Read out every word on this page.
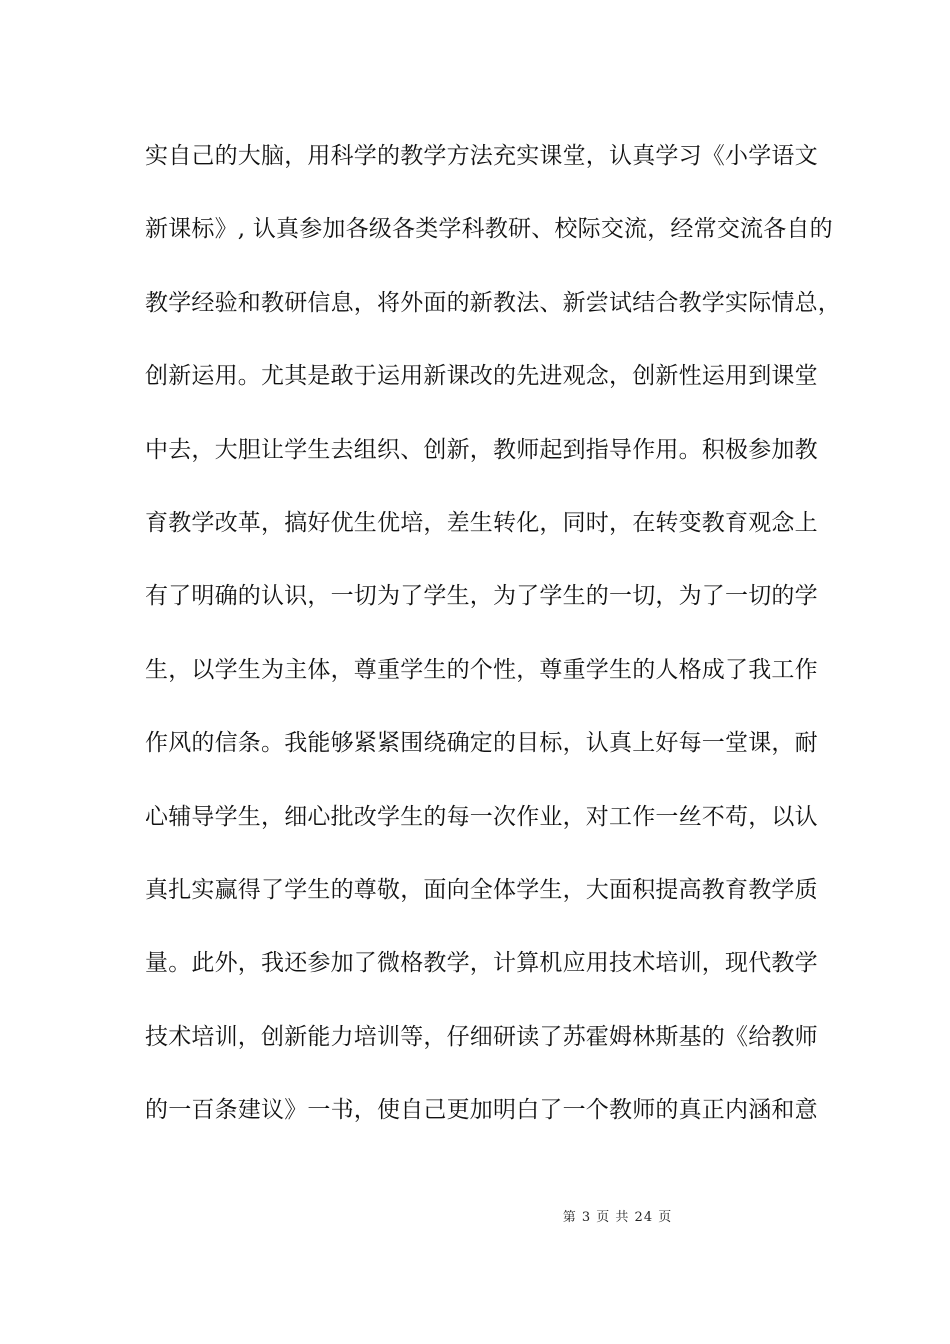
实自己的大脑，用科学的教学方法充实课堂，认真学习《小学语文
新课标》, 认真参加各级各类学科教研、校际交流，经常交流各自的
教学经验和教研信息，将外面的新教法、新尝试结合教学实际情总，
创新运用。尤其是敢于运用新课改的先进观念，创新性运用到课堂
中去，大胆让学生去组织、创新，教师起到指导作用。积极参加教
育教学改革，搞好优生优培，差生转化，同时，在转变教育观念上
有了明确的认识，一切为了学生，为了学生的一切，为了一切的学
生，以学生为主体，尊重学生的个性，尊重学生的人格成了我工作
作风的信条。我能够紧紧围绕确定的目标，认真上好每一堂课，耐
心辅导学生，细心批改学生的每一次作业，对工作一丝不苟，以认
真扎实赢得了学生的尊敬，面向全体学生，大面积提高教育教学质
量。此外，我还参加了微格教学，计算机应用技术培训，现代教学
技术培训，创新能力培训等，仔细研读了苏霍姆林斯基的《给教师
的一百条建议》一书，使自己更加明白了一个教师的真正内涵和意
第 3 页 共 24 页
